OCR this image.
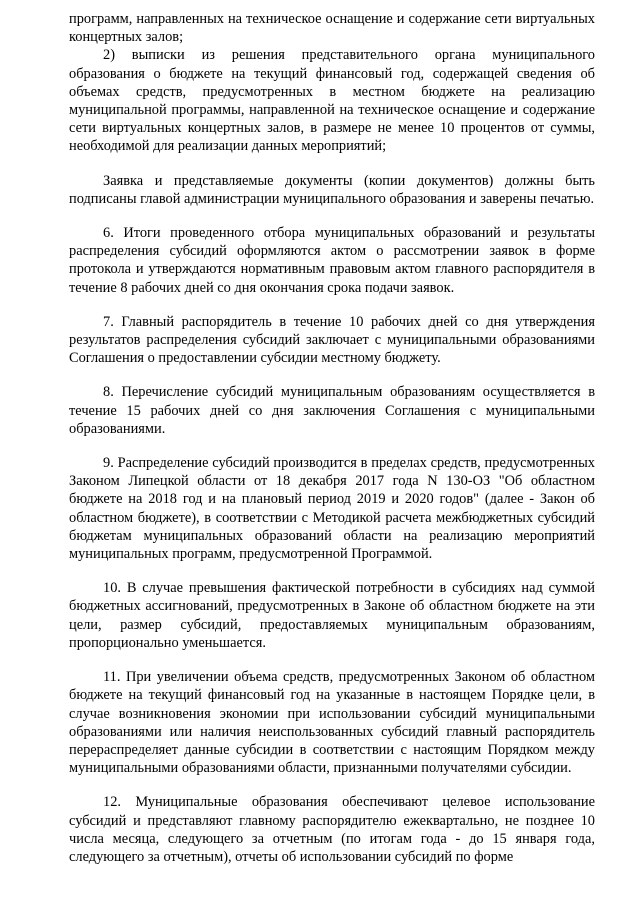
программ, направленных на техническое оснащение и содержание сети виртуальных концертных залов;

2) выписки из решения представительного органа муниципального образования о бюджете на текущий финансовый год, содержащей сведения об объемах средств, предусмотренных в местном бюджете на реализацию муниципальной программы, направленной на техническое оснащение и содержание сети виртуальных концертных залов, в размере не менее 10 процентов от суммы, необходимой для реализации данных мероприятий;

Заявка и представляемые документы (копии документов) должны быть подписаны главой администрации муниципального образования и заверены печатью.

6. Итоги проведенного отбора муниципальных образований и результаты распределения субсидий оформляются актом о рассмотрении заявок в форме протокола и утверждаются нормативным правовым актом главного распорядителя в течение 8 рабочих дней со дня окончания срока подачи заявок.

7. Главный распорядитель в течение 10 рабочих дней со дня утверждения результатов распределения субсидий заключает с муниципальными образованиями Соглашения о предоставлении субсидии местному бюджету.

8. Перечисление субсидий муниципальным образованиям осуществляется в течение 15 рабочих дней со дня заключения Соглашения с муниципальными образованиями.

9. Распределение субсидий производится в пределах средств, предусмотренных Законом Липецкой области от 18 декабря 2017 года N 130-ОЗ "Об областном бюджете на 2018 год и на плановый период 2019 и 2020 годов" (далее - Закон об областном бюджете), в соответствии с Методикой расчета межбюджетных субсидий бюджетам муниципальных образований области на реализацию мероприятий муниципальных программ, предусмотренной Программой.

10. В случае превышения фактической потребности в субсидиях над суммой бюджетных ассигнований, предусмотренных в Законе об областном бюджете на эти цели, размер субсидий, предоставляемых муниципальным образованиям, пропорционально уменьшается.

11. При увеличении объема средств, предусмотренных Законом об областном бюджете на текущий финансовый год на указанные в настоящем Порядке цели, в случае возникновения экономии при использовании субсидий муниципальными образованиями или наличия неиспользованных субсидий главный распорядитель перераспределяет данные субсидии в соответствии с настоящим Порядком между муниципальными образованиями области, признанными получателями субсидии.

12. Муниципальные образования обеспечивают целевое использование субсидий и представляют главному распорядителю ежеквартально, не позднее 10 числа месяца, следующего за отчетным (по итогам года - до 15 января года, следующего за отчетным), отчеты об использовании субсидий по форме
